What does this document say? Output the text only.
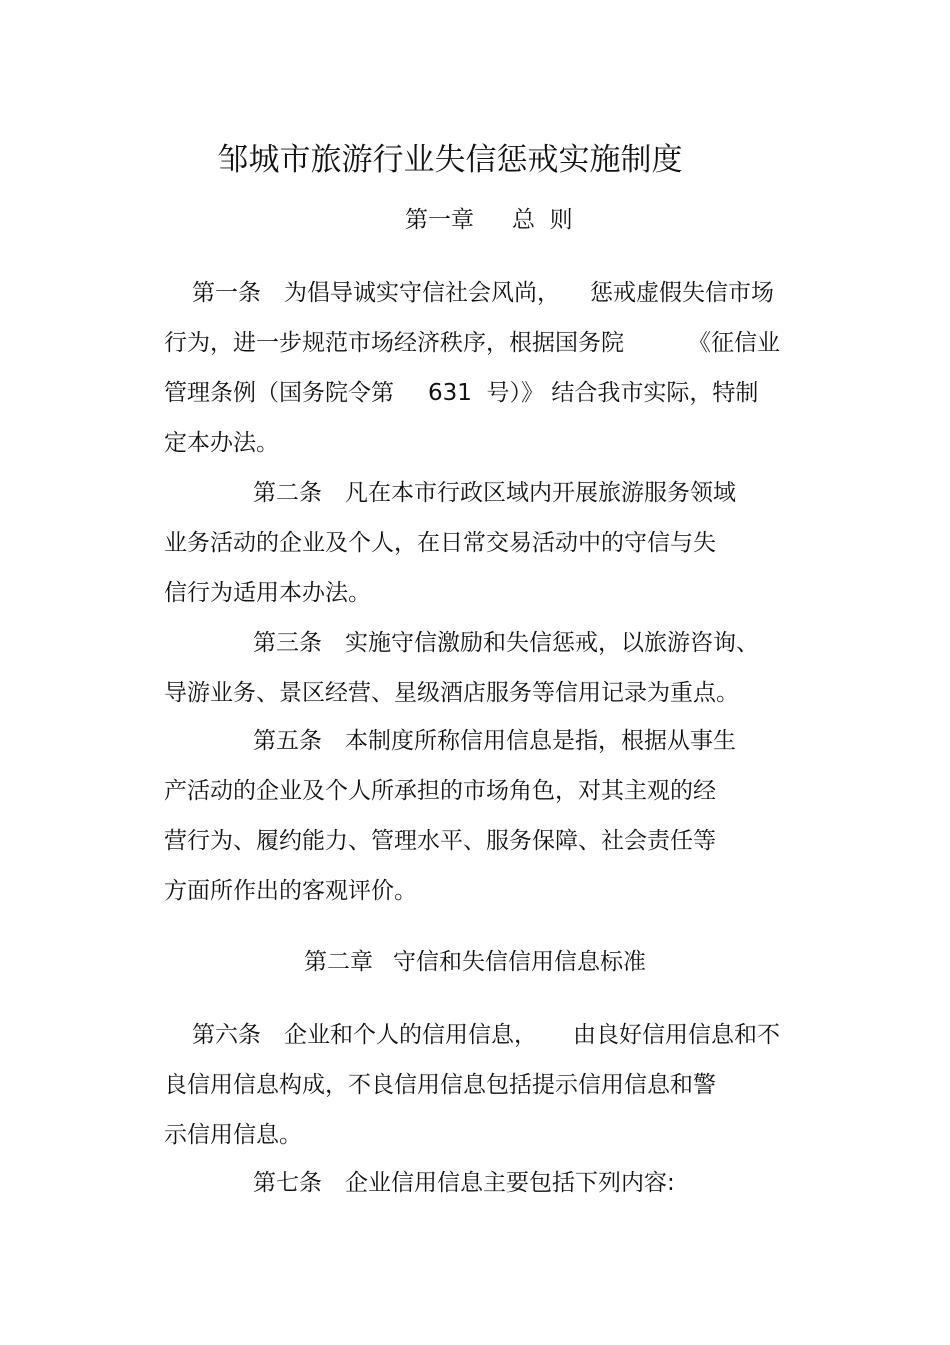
邹城市旅游行业失信惩戒实施制度
第一章 总  则
第一条 为倡导诚实守信社会风尚， 惩戒虚假失信市场
行为，进一步规范市场经济秩序，根据国务院	《征信业
管理条例（国务院令第 631  号）》 结合我市实际，特制
定本办法。
第二条 凡在本市行政区域内开展旅游服务领域
业务活动的企业及个人，在日常交易活动中的守信与失
信行为适用本办法。
第三条 实施守信激励和失信惩戒，以旅游咨询、
导游业务、景区经营、星级酒店服务等信用记录为重点。
第五条 本制度所称信用信息是指，根据从事生
产活动的企业及个人所承担的市场角色，对其主观的经
营行为、履约能力、管理水平、服务保障、社会责任等
方面所作出的客观评价。
第二章 守信和失信信用信息标准
第六条 企业和个人的信用信息， 由良好信用信息和不
良信用信息构成，不良信用信息包括提示信用信息和警
示信用信息。
第七条 企业信用信息主要包括下列内容:
